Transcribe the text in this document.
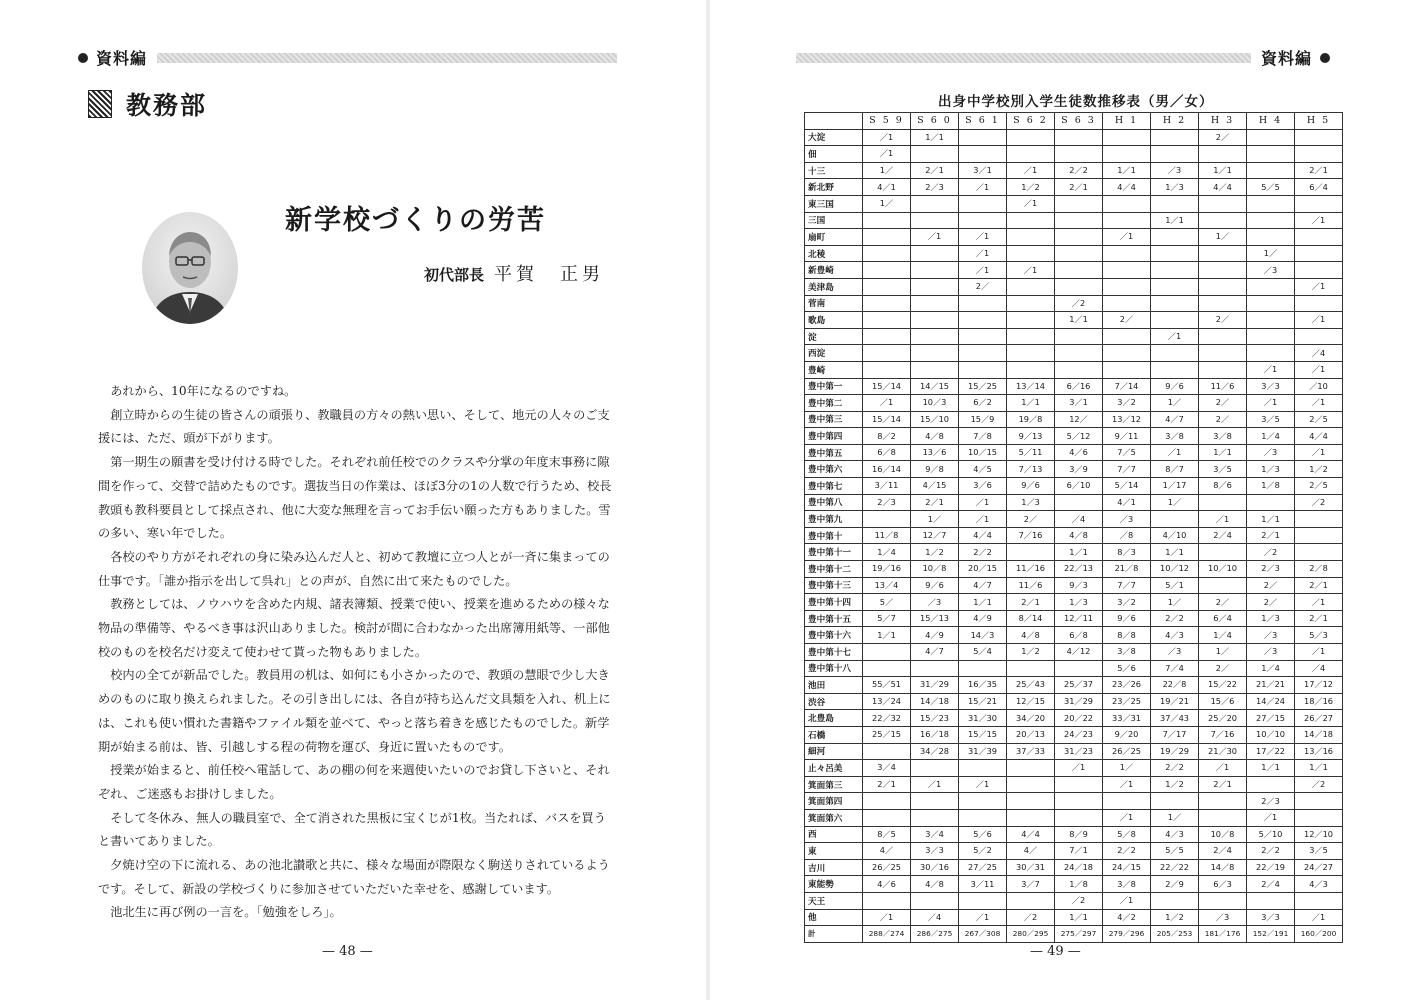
資料編
教務部
新学校づくりの労苦
初代部長 平賀　正男

あれから、10年になるのですね。

創立時からの生徒の皆さんの頑張り、教職員の方々の熱い思い、そして、地元の人々のご支援には、ただ、頭が下がります。

第一期生の願書を受け付ける時でした。それぞれ前任校でのクラスや分掌の年度末事務に隙間を作って、交替で詰めたものです。選抜当日の作業は、ほぼ3分の1の人数で行うため、校長教頭も教科要員として採点され、他に大変な無理を言ってお手伝い願った方もありました。雪の多い、寒い年でした。

各校のやり方がそれぞれの身に染み込んだ人と、初めて教壇に立つ人とが一斉に集まっての仕事です。「誰か指示を出して呉れ」との声が、自然に出て来たものでした。

教務としては、ノウハウを含めた内規、諸表簿類、授業で使い、授業を進めるための様々な物品の準備等、やるべき事は沢山ありました。検討が間に合わなかった出席簿用紙等、一部他校のものを校名だけ変えて使わせて貰った物もありました。

校内の全てが新品でした。教員用の机は、如何にも小さかったので、教頭の慧眼で少し大きめのものに取り換えられました。その引き出しには、各自が持ち込んだ文具類を入れ、机上には、これも使い慣れた書籍やファイル類を並べて、やっと落ち着きを感じたものでした。新学期が始まる前は、皆、引越しする程の荷物を運び、身近に置いたものです。

授業が始まると、前任校へ電話して、あの棚の何を来週使いたいのでお貸し下さいと、それぞれ、ご迷惑もお掛けしました。

そして冬休み、無人の職員室で、全て消された黒板に宝くじが1枚。当たれば、バスを買うと書いてありました。

夕焼け空の下に流れる、あの池北讃歌と共に、様々な場面が際限なく駒送りされているようです。そして、新設の学校づくりに参加させていただいた幸せを、感謝しています。

池北生に再び例の一言を。「勉強をしろ」。

— 48 —
資料編
出身中学校別入学生徒数推移表（男／女）
	S 5 9	S 6 0	S 6 1	S 6 2	S 6 3	H 1	H 2	H 3	H 4	H 5
大淀	／1	1／1						2／		
佃	／1									
十三	1／	2／1	3／1	／1	2／2	1／1	／3	1／1		2／1
新北野	4／1	2／3	／1	1／2	2／1	4／4	1／3	4／4	5／5	6／4
東三国	1／			／1						
三国							1／1			／1
扇町		／1	／1			／1		1／		
北稜			／1						1／	
新豊崎			／1	／1					／3	
美津島			2／							／1
菅南					／2					
歌島					1／1	2／		2／		／1
淀							／1			
西淀										／4
豊崎									／1	／1
豊中第一	15／14	14／15	15／25	13／14	6／16	7／14	9／6	11／6	3／3	／10
豊中第二	／1	10／3	6／2	1／1	3／1	3／2	1／	2／	／1	／1
豊中第三	15／14	15／10	15／9	19／8	12／	13／12	4／7	2／	3／5	2／5
豊中第四	8／2	4／8	7／8	9／13	5／12	9／11	3／8	3／8	1／4	4／4
豊中第五	6／8	13／6	10／15	5／11	4／6	7／5	／1	1／1	／3	／1
豊中第六	16／14	9／8	4／5	7／13	3／9	7／7	8／7	3／5	1／3	1／2
豊中第七	3／11	4／15	3／6	9／6	6／10	5／14	1／17	8／6	1／8	2／5
豊中第八	2／3	2／1	／1	1／3		4／1	1／			／2
豊中第九		1／	／1	2／	／4	／3		／1	1／1	
豊中第十	11／8	12／7	4／4	7／16	4／8	／8	4／10	2／4	2／1	
豊中第十一	1／4	1／2	2／2		1／1	8／3	1／1		／2	
豊中第十二	19／16	10／8	20／15	11／16	22／13	21／8	10／12	10／10	2／3	2／8
豊中第十三	13／4	9／6	4／7	11／6	9／3	7／7	5／1		2／	2／1
豊中第十四	5／	／3	1／1	2／1	1／3	3／2	1／	2／	2／	／1
豊中第十五	5／7	15／13	4／9	8／14	12／11	9／6	2／2	6／4	1／3	2／1
豊中第十六	1／1	4／9	14／3	4／8	6／8	8／8	4／3	1／4	／3	5／3
豊中第十七		4／7	5／4	1／2	4／12	3／8	／3	1／	／3	／1
豊中第十八						5／6	7／4	2／	1／4	／4
池田	55／51	31／29	16／35	25／43	25／37	23／26	22／8	15／22	21／21	17／12
渋谷	13／24	14／18	15／21	12／15	31／29	23／25	19／21	15／6	14／24	18／16
北豊島	22／32	15／23	31／30	34／20	20／22	33／31	37／43	25／20	27／15	26／27
石橋	25／15	16／18	15／15	20／13	24／23	9／20	7／17	7／16	10／10	14／18
細河		34／28	31／39	37／33	31／23	26／25	19／29	21／30	17／22	13／16
止々呂美	3／4				／1	1／	2／2	／1	1／1	1／1
箕面第三	2／1	／1	／1			／1	1／2	2／1		／2
箕面第四									2／3	
箕面第六						／1	1／		／1	
西	8／5	3／4	5／6	4／4	8／9	5／8	4／3	10／8	5／10	12／10
東	4／	3／3	5／2	4／	7／1	2／2	5／5	2／4	2／2	3／5
吉川	26／25	30／16	27／25	30／31	24／18	24／15	22／22	14／8	22／19	24／27
東能勢	4／6	4／8	3／11	3／7	1／8	3／8	2／9	6／3	2／4	4／3
天王					／2	／1				
他	／1	／4	／1	／2	1／1	4／2	1／2	／3	3／3	／1
計	288／274	286／275	267／308	280／295	275／297	279／296	205／253	181／176	152／191	160／200
— 49 —
